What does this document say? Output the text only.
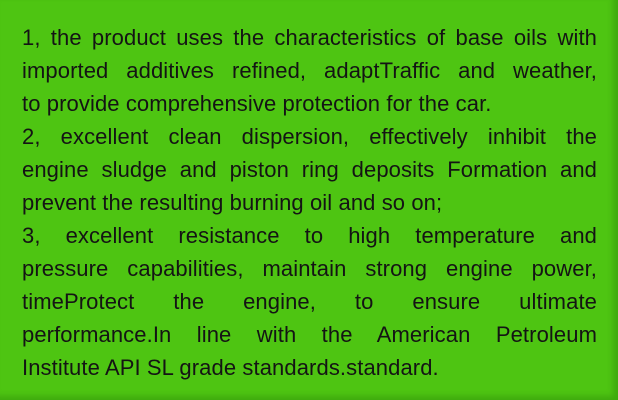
1, the product uses the characteristics of base oils with
imported additives refined, adaptTraffic and weather,
to provide comprehensive protection for the car.
2, excellent clean dispersion, effectively inhibit the
engine sludge and piston ring deposits Formation and
prevent the resulting burning oil and so on;
3, excellent resistance to high temperature and
pressure capabilities, maintain strong engine power,
timeProtect the engine, to ensure ultimate
performance.In line with the American Petroleum
Institute API SL grade standards.standard.
